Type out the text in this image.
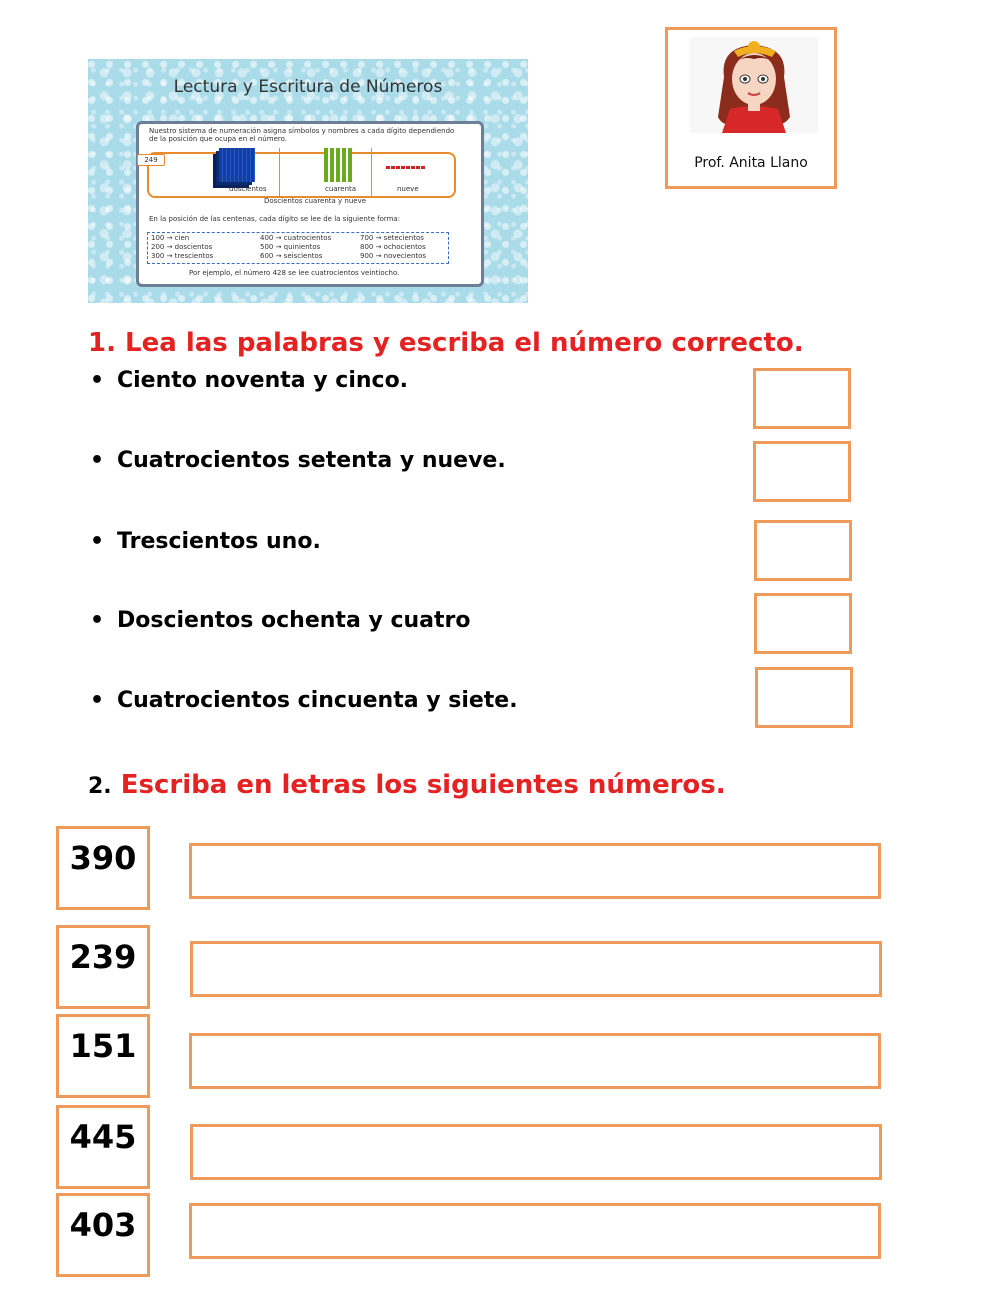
Lectura y Escritura de Números
Nuestro sistema de numeración asigna símbolos y nombres a cada dígito dependiendo de la posición que ocupa en el número.
249
doscientos	cuarenta	nueve
Doscientos cuarenta y nueve
En la posición de las centenas, cada dígito se lee de la siguiente forma:
100 → cien
200 → doscientos
300 → trescientos
400 → cuatrocientos
500 → quinientos
600 → seiscientos
700 → setecientos
800 → ochocientos
900 → novecientos
Por ejemplo, el número 428 se lee cuatrocientos veintiocho.
Prof. Anita Llano
1. Lea las palabras y escriba el número correcto.
• Ciento noventa y cinco.
• Cuatrocientos setenta y nueve.
• Trescientos uno.
• Doscientos ochenta y cuatro
• Cuatrocientos cincuenta y siete.
2. Escriba en letras los siguientes números.
390
239
151
445
403
